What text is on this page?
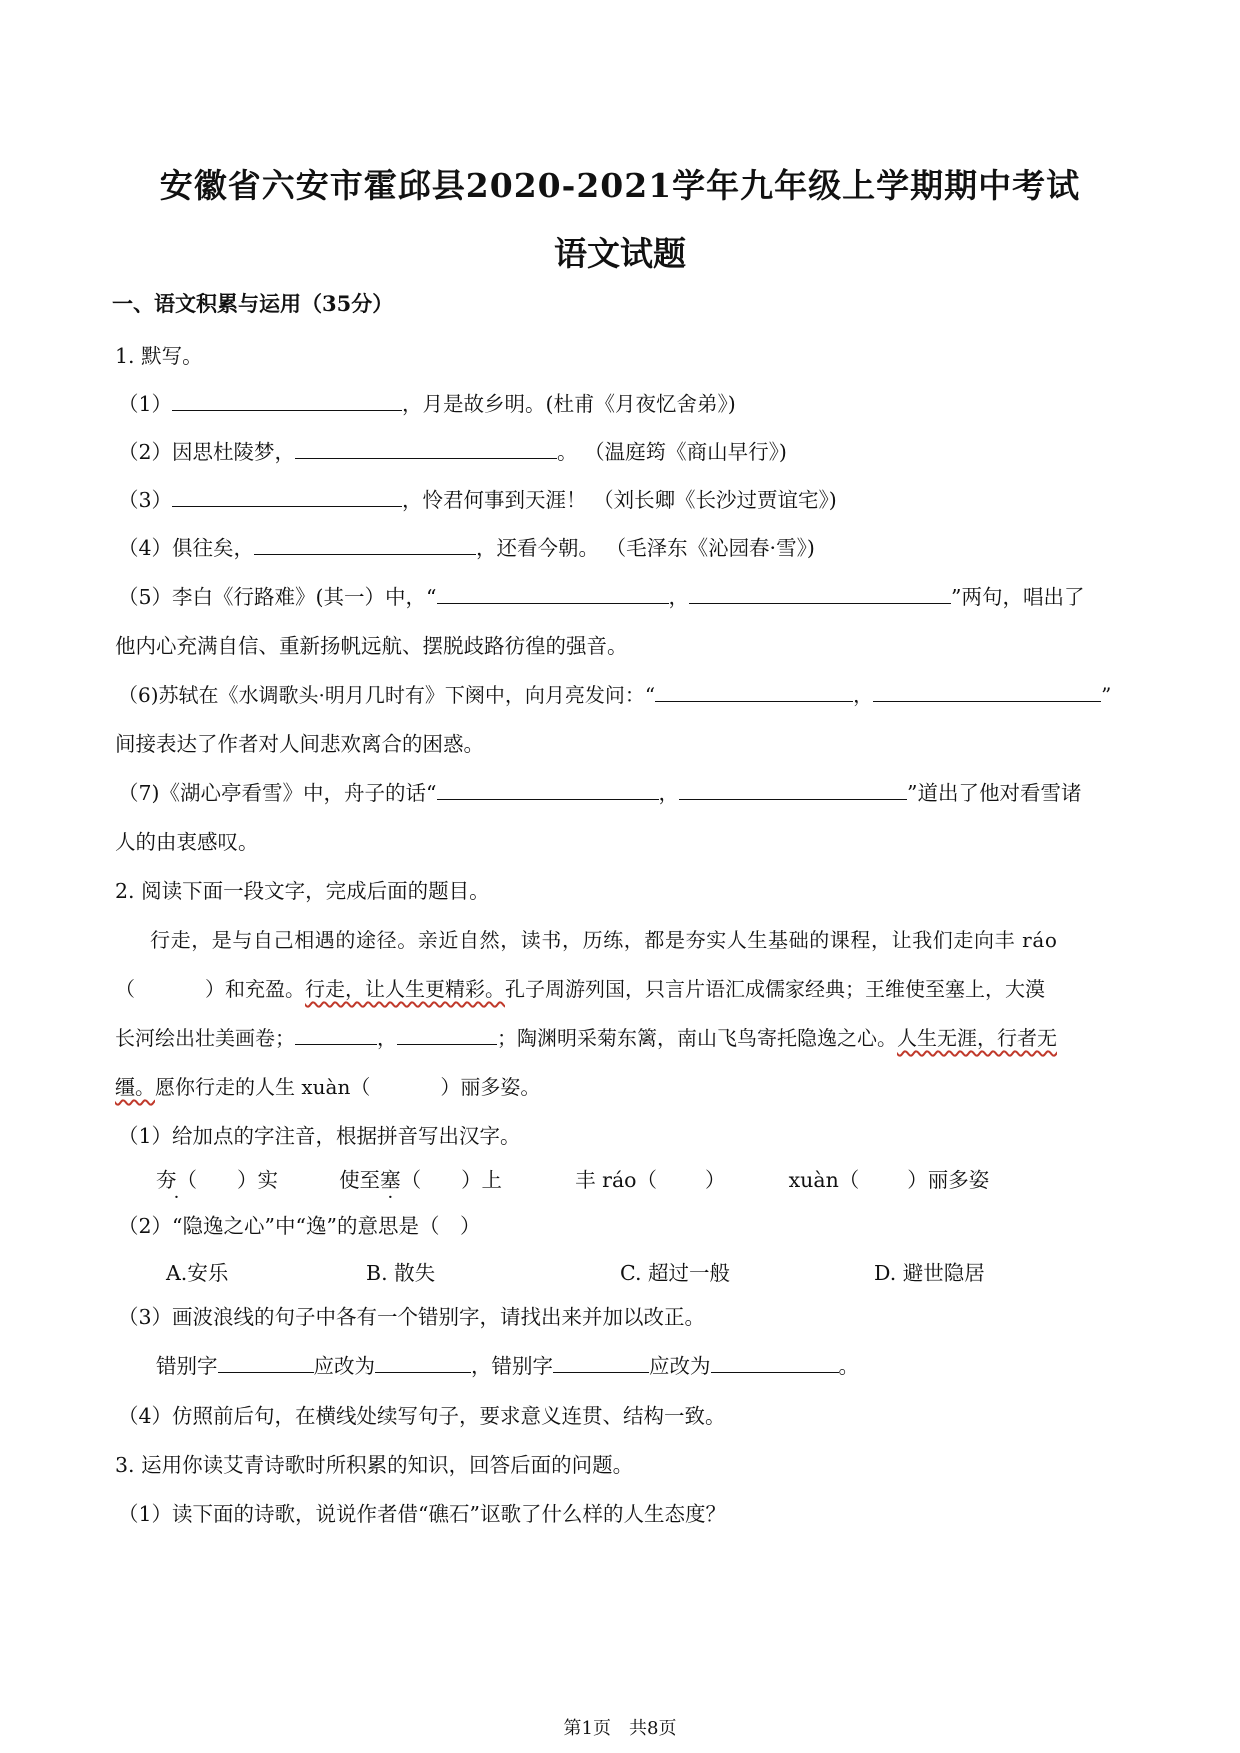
安徽省六安市霍邱县2020-2021学年九年级上学期期中考试
语文试题
一、语文积累与运用（35分）
1. 默写。
（1）	，月是故乡明。(杜甫《月夜忆舍弟》)
（2）因思杜陵梦，	。 （温庭筠《商山早行》)
（3）	，怜君何事到天涯！ （刘长卿《长沙过贾谊宅》)
（4）俱往矣，	，还看今朝。 （毛泽东《沁园春·雪》)
（5）李白《行路难》(其一）中，“	，	”两句，唱出了
他内心充满自信、重新扬帆远航、摆脱歧路彷徨的强音。
（6)苏轼在《水调歌头·明月几时有》下阕中，向月亮发问：“	，	”
间接表达了作者对人间悲欢离合的困惑。
（7)《湖心亭看雪》中，舟子的话“	，	”道出了他对看雪诸
人的由衷感叹。
2. 阅读下面一段文字，完成后面的题目。
行走，是与自己相遇的途径。亲近自然，读书，历练，都是夯实人生基础的课程，让我们走向丰 ráo
（	）和充盈。行走，让人生更精彩。孔子周游列国，只言片语汇成儒家经典；王维使至塞上，大漠
长河绘出壮美画卷；	，	；陶渊明采菊东篱，南山飞鸟寄托隐逸之心。人生无涯，行者无
缰。愿你行走的人生 xuàn（	）丽多姿。
（1）给加点的字注音，根据拼音写出汉字。
夯（ · ）实	使至塞（ ）上	丰 ráo（ ）	xuàn（ ）丽多姿
（2）“隐逸之心”中“逸”的意思是（　）
A.安乐	B. 散失	C. 超过一般	D. 避世隐居
（3）画波浪线的句子中各有一个错别字，请找出来并加以改正。
错别字	应改为	，错别字	应改为	。
（4）仿照前后句，在横线处续写句子，要求意义连贯、结构一致。
3. 运用你读艾青诗歌时所积累的知识，回答后面的问题。
（1）读下面的诗歌，说说作者借“礁石”讴歌了什么样的人生态度？
第1页　共8页
